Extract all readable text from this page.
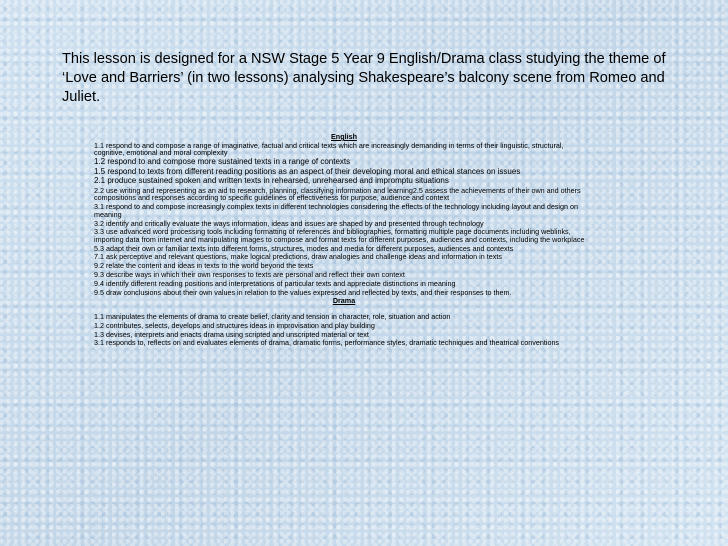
This lesson is designed for a NSW Stage 5 Year 9 English/Drama class studying the theme of ‘Love and Barriers’ (in two lessons) analysing Shakespeare’s balcony scene from Romeo and Juliet.
English
1.1 respond to and compose a range of imaginative, factual and critical texts which are increasingly demanding in terms of their linguistic, structural, cognitive, emotional and moral complexity
1.2 respond to and compose more sustained texts in a range of contexts
1.5 respond to texts from different reading positions as an aspect of their developing moral and ethical stances on issues
2.1 produce sustained spoken and written texts in rehearsed, unrehearsed and impromptu situations
2.2 use writing and representing as an aid to research, planning, classifying information and learning2.5 assess the achievements of their own and others compositions and responses according to specific guidelines of effectiveness for purpose, audience and context
3.1 respond to and compose increasingly complex texts in different technologies considering the effects of the technology including layout and design on meaning
3.2 identify and critically evaluate the ways information, ideas and issues are shaped by and presented through technology
3.3 use advanced word processing tools including formatting of references and bibliographies, formatting multiple page documents including weblinks, importing data from internet and manipulating images to compose and format texts for different purposes, audiences and contexts, including the workplace
5.3 adapt their own or familiar texts into different forms, structures, modes and media for different purposes, audiences and contexts
7.1 ask perceptive and relevant questions, make logical predictions, draw analogies and challenge ideas and information in texts
9.2 relate the content and ideas in texts to the world beyond the texts
9.3 describe ways in which their own responses to texts are personal and reflect their own context
9.4 identify different reading positions and interpretations of particular texts and appreciate distinctions in meaning
9.5 draw conclusions about their own values in relation to the values expressed and reflected by texts, and their responses to them.
Drama
1.1 manipulates the elements of drama to create belief, clarity and tension in character, role, situation and action
1.2 contributes, selects, develops and structures ideas in improvisation and play building
1.3 devises, interprets and enacts drama using scripted and unscripted material or text
3.1 responds to, reflects on and evaluates elements of drama, dramatic forms, performance styles, dramatic techniques and theatrical conventions
